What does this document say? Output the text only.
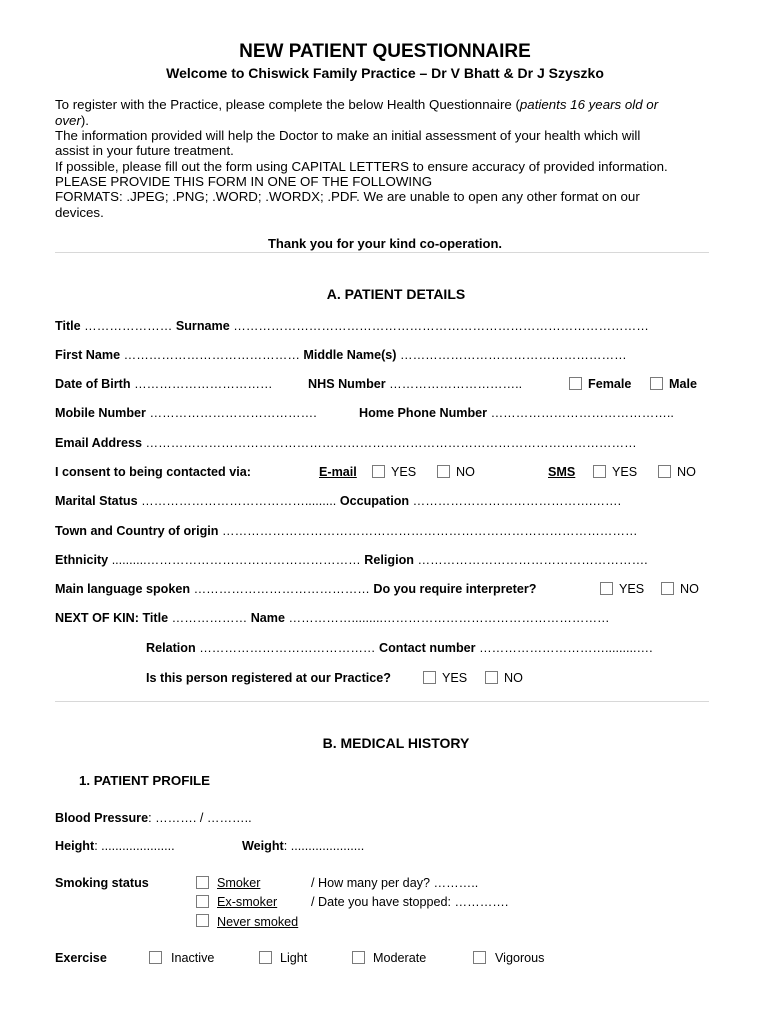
NEW PATIENT QUESTIONNAIRE
Welcome to Chiswick Family Practice – Dr V Bhatt & Dr J Szyszko
To register with the Practice, please complete the below Health Questionnaire (patients 16 years old or
over).
The information provided will help the Doctor to make an initial assessment of your health which will
assist in your future treatment.
If possible, please fill out the form using CAPITAL LETTERS to ensure accuracy of provided information.
PLEASE PROVIDE THIS FORM IN ONE OF THE FOLLOWING
FORMATS: .JPEG; .PNG; .WORD; .WORDX; .PDF. We are unable to open any other format on our
devices.
Thank you for your kind co-operation.
A. PATIENT DETAILS
Title ………………… Surname ………………………………………………………………………………………
First Name …………………………………… Middle Name(s) ………………………………………………
Date of Birth ……………………………	NHS Number …………………………..	Female	Male
Mobile Number ………………………………….	Home Phone Number ……………………………………..
Email Address ………………………………………………………………………………………………………
I consent to being contacted via:	E-mail	YES	NO	SMS	YES	NO
Marital Status …………………………………......... Occupation …………………………………….…….
Town and Country of origin ………………………………………………………………………………………
Ethnicity ..........…………………………………………… Religion ……………………………………………….
Main language spoken …………………………………… Do you require interpreter?	YES	NO
NEXT OF KIN: Title ……………… Name …………….........………………………………………………
Relation …………………………………… Contact number ………………………….........….
Is this person registered at our Practice?	YES	NO
B. MEDICAL HISTORY
1. PATIENT PROFILE
Blood Pressure: ………. / ………..
Height: .....................	Weight: .....................
Smoking status	Smoker	/ How many per day? ………..
Ex-smoker	/ Date you have stopped: ………….
Never smoked
Exercise	Inactive	Light	Moderate	Vigorous
